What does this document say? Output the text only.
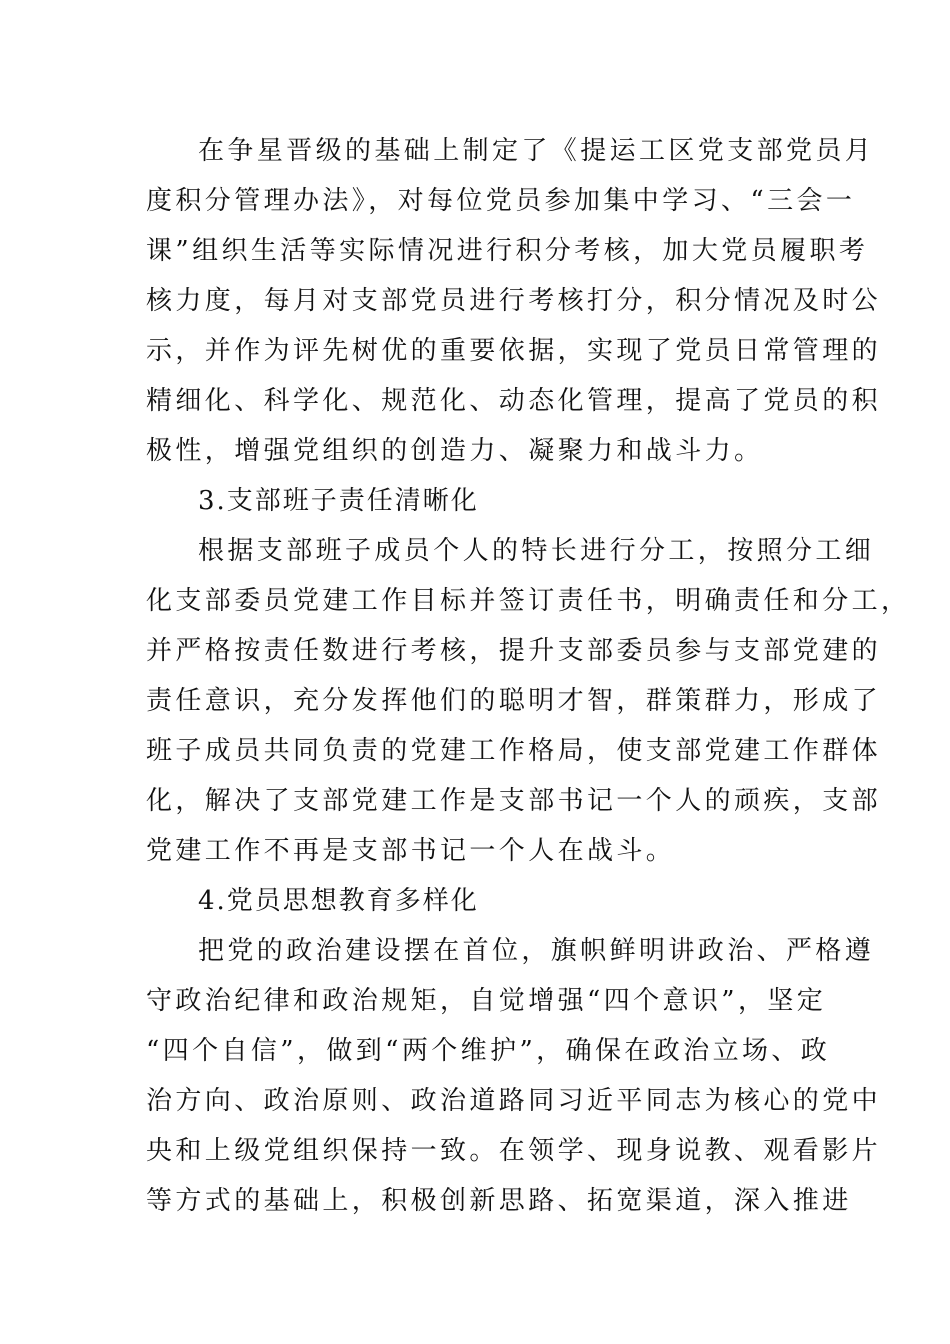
在争星晋级的基础上制定了《提运工区党支部党员月
度积分管理办法》，对每位党员参加集中学习、“三会一
课”组织生活等实际情况进行积分考核，加大党员履职考
核力度，每月对支部党员进行考核打分，积分情况及时公
示，并作为评先树优的重要依据，实现了党员日常管理的
精细化、科学化、规范化、动态化管理，提高了党员的积
极性，增强党组织的创造力、凝聚力和战斗力。
3.支部班子责任清晰化
根据支部班子成员个人的特长进行分工，按照分工细
化支部委员党建工作目标并签订责任书，明确责任和分工，
并严格按责任数进行考核，提升支部委员参与支部党建的
责任意识，充分发挥他们的聪明才智，群策群力，形成了
班子成员共同负责的党建工作格局，使支部党建工作群体
化，解决了支部党建工作是支部书记一个人的顽疾，支部
党建工作不再是支部书记一个人在战斗。
4.党员思想教育多样化
把党的政治建设摆在首位，旗帜鲜明讲政治、严格遵
守政治纪律和政治规矩，自觉增强“四个意识”，坚定
“四个自信”，做到“两个维护”，确保在政治立场、政
治方向、政治原则、政治道路同习近平同志为核心的党中
央和上级党组织保持一致。在领学、现身说教、观看影片
等方式的基础上，积极创新思路、拓宽渠道，深入推进
